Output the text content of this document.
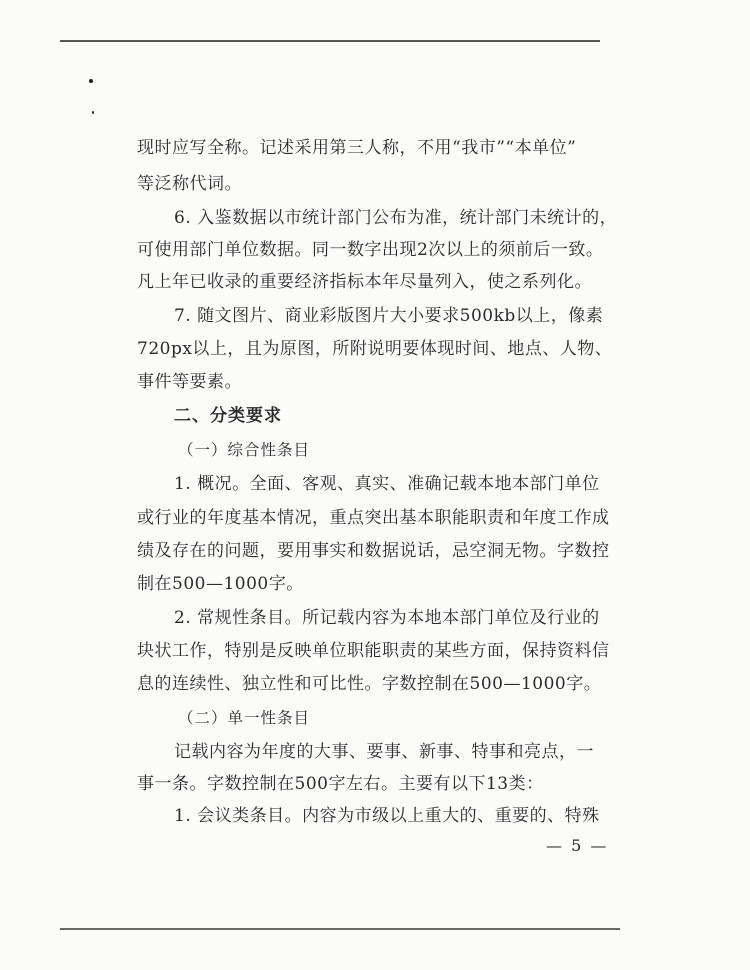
现时应写全称。记述采用第三人称，不用“我市”“本单位”
等泛称代词。
6. 入鉴数据以市统计部门公布为准，统计部门未统计的，
可使用部门单位数据。同一数字出现2次以上的须前后一致。
凡上年已收录的重要经济指标本年尽量列入，使之系列化。
7. 随文图片、商业彩版图片大小要求500kb以上，像素
720px以上，且为原图，所附说明要体现时间、地点、人物、
事件等要素。
二、分类要求
（一）综合性条目
1. 概况。全面、客观、真实、准确记载本地本部门单位
或行业的年度基本情况，重点突出基本职能职责和年度工作成
绩及存在的问题，要用事实和数据说话，忌空洞无物。字数控
制在500—1000字。
2. 常规性条目。所记载内容为本地本部门单位及行业的
块状工作，特别是反映单位职能职责的某些方面，保持资料信
息的连续性、独立性和可比性。字数控制在500—1000字。
（二）单一性条目
记载内容为年度的大事、要事、新事、特事和亮点，一
事一条。字数控制在500字左右。主要有以下13类：
1. 会议类条目。内容为市级以上重大的、重要的、特殊
— 5 —
